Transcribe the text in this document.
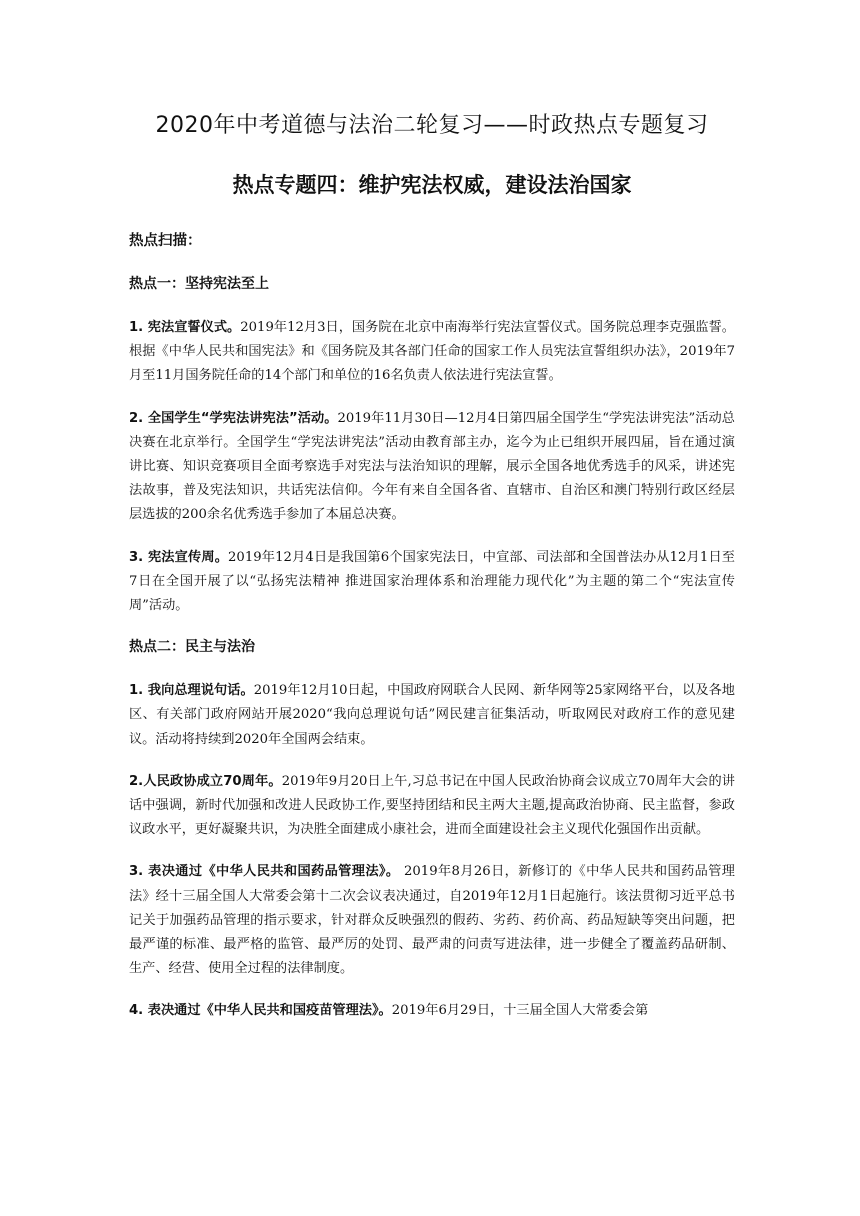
2020年中考道德与法治二轮复习——时政热点专题复习
热点专题四：维护宪法权威，建设法治国家
热点扫描：
热点一：坚持宪法至上

1. 宪法宣誓仪式。2019年12月3日，国务院在北京中南海举行宪法宣誓仪式。国务院总理李克强监誓。根据《中华人民共和国宪法》和《国务院及其各部门任命的国家工作人员宪法宣誓组织办法》，2019年7月至11月国务院任命的14个部门和单位的16名负责人依法进行宪法宣誓。

2. 全国学生“学宪法讲宪法”活动。2019年11月30日—12月4日第四届全国学生“学宪法讲宪法”活动总决赛在北京举行。全国学生“学宪法讲宪法”活动由教育部主办，迄今为止已组织开展四届，旨在通过演讲比赛、知识竞赛项目全面考察选手对宪法与法治知识的理解，展示全国各地优秀选手的风采，讲述宪法故事，普及宪法知识，共话宪法信仰。今年有来自全国各省、直辖市、自治区和澳门特别行政区经层层选拔的200余名优秀选手参加了本届总决赛。

3. 宪法宣传周。2019年12月4日是我国第6个国家宪法日，中宣部、司法部和全国普法办从12月1日至7日在全国开展了以“弘扬宪法精神 推进国家治理体系和治理能力现代化”为主题的第二个“宪法宣传周”活动。

热点二：民主与法治

1. 我向总理说句话。2019年12月10日起，中国政府网联合人民网、新华网等25家网络平台，以及各地区、有关部门政府网站开展2020“我向总理说句话”网民建言征集活动，听取网民对政府工作的意见建议。活动将持续到2020年全国两会结束。

2.人民政协成立70周年。2019年9月20日上午,习总书记在中国人民政治协商会议成立70周年大会的讲话中强调，新时代加强和改进人民政协工作,要坚持团结和民主两大主题,提高政治协商、民主监督，参政议政水平，更好凝聚共识，为决胜全面建成小康社会，进而全面建设社会主义现代化强国作出贡献。

3. 表决通过《中华人民共和国药品管理法》。 2019年8月26日，新修订的《中华人民共和国药品管理法》经十三届全国人大常委会第十二次会议表决通过，自2019年12月1日起施行。该法贯彻习近平总书记关于加强药品管理的指示要求，针对群众反映强烈的假药、劣药、药价高、药品短缺等突出问题，把最严谨的标准、最严格的监管、最严厉的处罚、最严肃的问责写进法律，进一步健全了覆盖药品研制、生产、经营、使用全过程的法律制度。

4. 表决通过《中华人民共和国疫苗管理法》。2019年6月29日，十三届全国人大常委会第
